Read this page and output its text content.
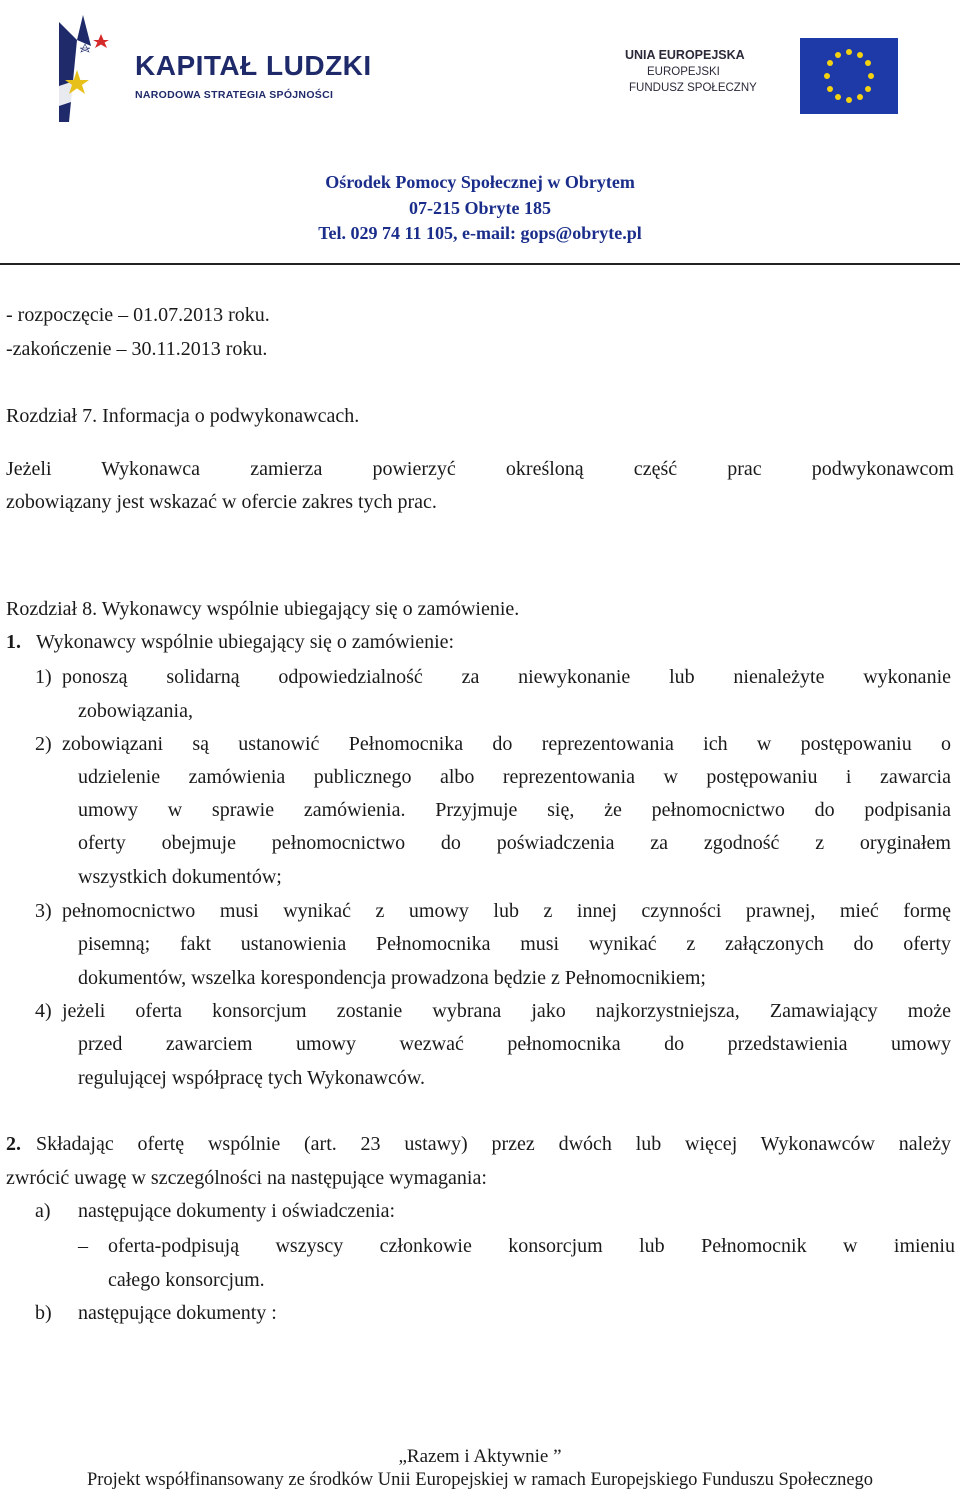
KAPITAŁ LUDZKI
NARODOWA STRATEGIA SPÓJNOŚCI
UNIA EUROPEJSKA
EUROPEJSKI
FUNDUSZ SPOŁECZNY
Ośrodek Pomocy Społecznej w Obrytem
07-215 Obryte 185
Tel. 029 74 11 105, e-mail: gops@obryte.pl
- rozpoczęcie – 01.07.2013 roku.
-zakończenie – 30.11.2013 roku.
Rozdział 7. Informacja o podwykonawcach.
Jeżeli Wykonawca zamierza powierzyć określoną część prac podwykonawcom
zobowiązany jest wskazać w ofercie zakres tych prac.
Rozdział 8. Wykonawcy wspólnie ubiegający się o zamówienie.
1. Wykonawcy wspólnie ubiegający się o zamówienie:
1) ponoszą solidarną odpowiedzialność za niewykonanie lub nienależyte wykonanie
zobowiązania,
2) zobowiązani są ustanowić Pełnomocnika do reprezentowania ich w postępowaniu o
udzielenie zamówienia publicznego albo reprezentowania w postępowaniu i zawarcia
umowy w sprawie zamówienia. Przyjmuje się, że pełnomocnictwo do podpisania
oferty obejmuje pełnomocnictwo do poświadczenia za zgodność z oryginałem
wszystkich dokumentów;
3) pełnomocnictwo musi wynikać z umowy lub z innej czynności prawnej, mieć formę
pisemną; fakt ustanowienia Pełnomocnika musi wynikać z załączonych do oferty
dokumentów, wszelka korespondencja prowadzona będzie z Pełnomocnikiem;
4) jeżeli oferta konsorcjum zostanie wybrana jako najkorzystniejsza, Zamawiający może
przed zawarciem umowy wezwać pełnomocnika do przedstawienia umowy
regulującej współpracę tych Wykonawców.
2. Składając ofertę wspólnie (art. 23 ustawy) przez dwóch lub więcej Wykonawców należy
zwrócić uwagę w szczególności na następujące wymagania:
a) następujące dokumenty i oświadczenia:
– oferta-podpisują wszyscy członkowie konsorcjum lub Pełnomocnik w imieniu
całego konsorcjum.
b) następujące dokumenty :
„Razem i Aktywnie ”
Projekt współfinansowany ze środków Unii Europejskiej w ramach Europejskiego Funduszu Społecznego
